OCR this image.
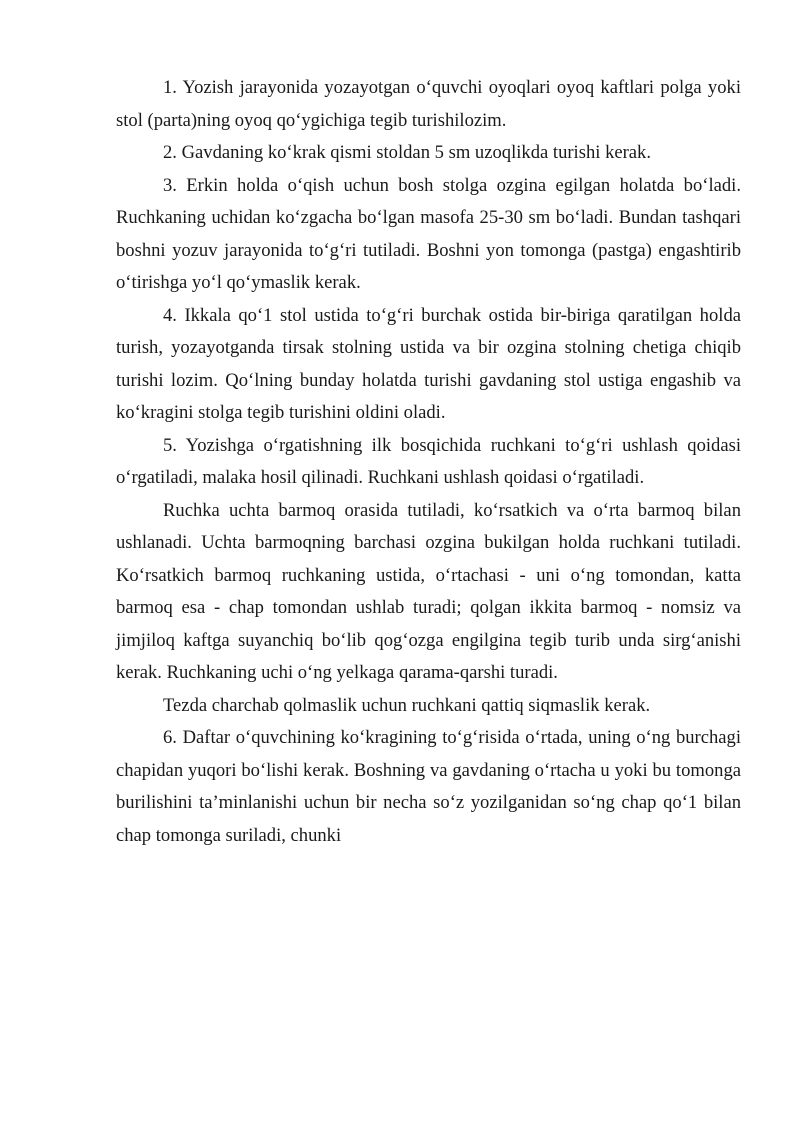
1. Yozish jarayonida yozayotgan o‘quvchi oyoqlari oyoq kaftlari polga yoki stol (parta)ning oyoq qo‘ygichiga tegib turishilozim.

2. Gavdaning ko‘krak qismi stoldan 5 sm uzoqlikda turishi kerak.

3. Erkin holda o‘qish uchun bosh stolga ozgina egilgan holatda bo‘ladi. Ruchkaning uchidan ko‘zgacha bo‘lgan masofa 25-30 sm bo‘ladi. Bundan tashqari boshni yozuv jarayonida to‘g‘ri tutiladi. Boshni yon tomonga (pastga) engashtirib o‘tirishga yo‘l qo‘ymaslik kerak.

4. Ikkala qo‘1 stol ustida to‘g‘ri burchak ostida bir-biriga qaratilgan holda turish, yozayotganda tirsak stolning ustida va bir ozgina stolning chetiga chiqib turishi lozim. Qo‘lning bunday holatda turishi gavdaning stol ustiga engashib va ko‘kragini stolga tegib turishini oldini oladi.

5. Yozishga o‘rgatishning ilk bosqichida ruchkani to‘g‘ri ushlash qoidasi o‘rgatiladi, malaka hosil qilinadi. Ruchkani ushlash qoidasi o‘rgatiladi.

Ruchka uchta barmoq orasida tutiladi, ko‘rsatkich va o‘rta barmoq bilan ushlanadi. Uchta barmoqning barchasi ozgina bukilgan holda ruchkani tutiladi. Ko‘rsatkich barmoq ruchkaning ustida, o‘rtachasi - uni o‘ng tomondan, katta barmoq esa - chap tomondan ushlab turadi; qolgan ikkita barmoq - nomsiz va jimjiloq kaftga suyanchiq bo‘lib qog‘ozga engilgina tegib turib unda sirg‘anishi kerak. Ruchkaning uchi o‘ng yelkaga qarama-qarshi turadi.

Tezda charchab qolmaslik uchun ruchkani qattiq siqmaslik kerak.

6. Daftar o‘quvchining ko‘kragining to‘g‘risida o‘rtada, uning o‘ng burchagi chapidan yuqori bo‘lishi kerak. Boshning va gavdaning o‘rtacha u yoki bu tomonga burilishini ta’minlanishi uchun bir necha so‘z yozilganidan so‘ng chap qo‘1 bilan chap tomonga suriladi, chunki
